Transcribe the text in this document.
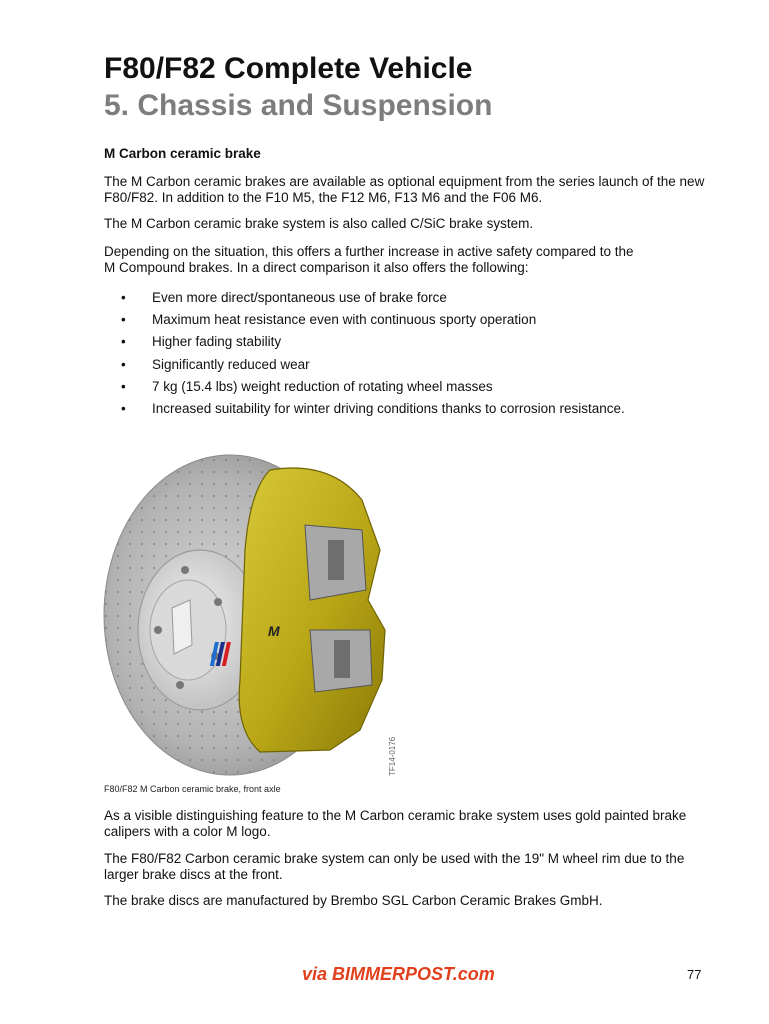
F80/F82 Complete Vehicle
5. Chassis and Suspension
M Carbon ceramic brake
The M Carbon ceramic brakes are available as optional equipment from the series launch of the new
F80/F82. In addition to the F10 M5, the F12 M6, F13 M6 and the F06 M6.
The M Carbon ceramic brake system is also called C/SiC brake system.
Depending on the situation, this offers a further increase in active safety compared to the
M Compound brakes. In a direct comparison it also offers the following:
• Even more direct/spontaneous use of brake force
• Maximum heat resistance even with continuous sporty operation
• Higher fading stability
• Significantly reduced wear
• 7 kg (15.4 lbs) weight reduction of rotating wheel masses
• Increased suitability for winter driving conditions thanks to corrosion resistance.
M
TF14-0176
F80/F82 M Carbon ceramic brake, front axle
As a visible distinguishing feature to the M Carbon ceramic brake system uses gold painted brake
calipers with a color M logo.
The F80/F82 Carbon ceramic brake system can only be used with the 19" M wheel rim due to the
larger brake discs at the front.
The brake discs are manufactured by Brembo SGL Carbon Ceramic Brakes GmbH.
via BIMMERPOST.com	77
